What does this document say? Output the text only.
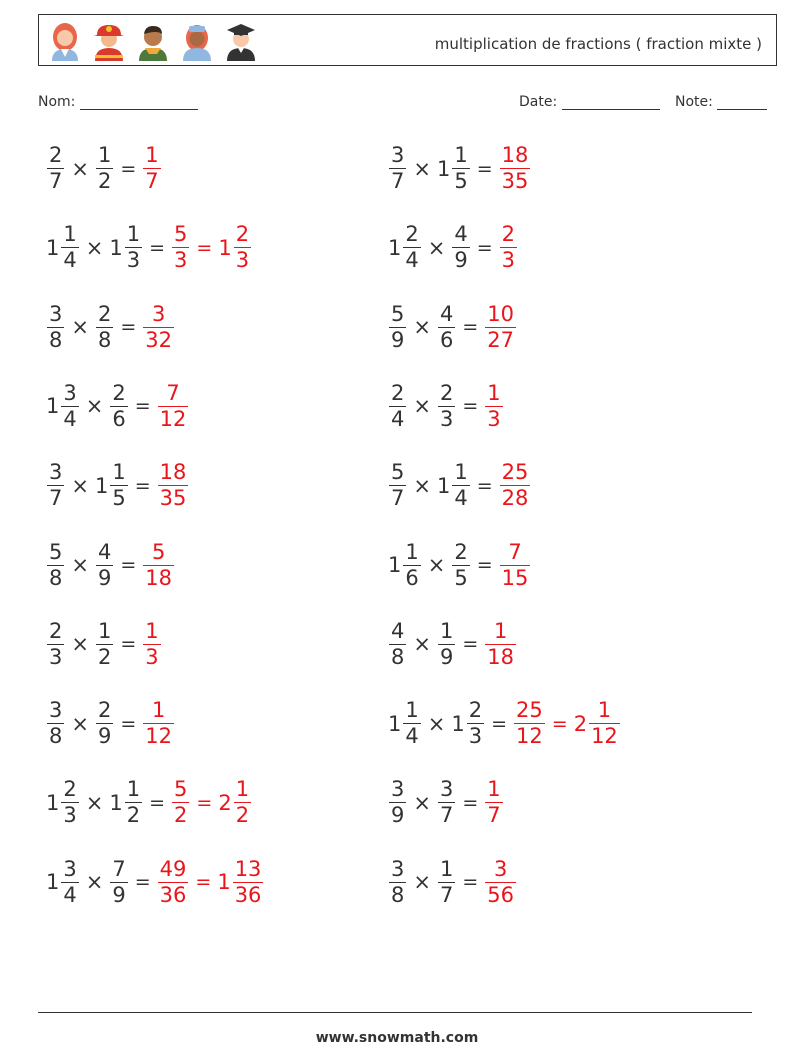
multiplication de fractions ( fraction mixte )
Nom:	Date:	Note:
$\frac{2}{7} \times \frac{1}{2} = \frac{1}{7}$	$\frac{3}{7} \times 1 \frac{1}{5} = \frac{18}{35}$
$1 \frac{1}{4} \times 1 \frac{1}{3} = \frac{5}{3} = 1 \frac{2}{3}$	$1 \frac{2}{4} \times \frac{4}{9} = \frac{2}{3}$
$\frac{3}{8} \times \frac{2}{8} = \frac{3}{32}$	$\frac{5}{9} \times \frac{4}{6} = \frac{10}{27}$
$1 \frac{3}{4} \times \frac{2}{6} = \frac{7}{12}$	$\frac{2}{4} \times \frac{2}{3} = \frac{1}{3}$
$\frac{3}{7} \times 1 \frac{1}{5} = \frac{18}{35}$	$\frac{5}{7} \times 1 \frac{1}{4} = \frac{25}{28}$
$\frac{5}{8} \times \frac{4}{9} = \frac{5}{18}$	$1 \frac{1}{6} \times \frac{2}{5} = \frac{7}{15}$
$\frac{2}{3} \times \frac{1}{2} = \frac{1}{3}$	$\frac{4}{8} \times \frac{1}{9} = \frac{1}{18}$
$\frac{3}{8} \times \frac{2}{9} = \frac{1}{12}$	$1 \frac{1}{4} \times 1 \frac{2}{3} = \frac{25}{12} = 2 \frac{1}{12}$
$1 \frac{2}{3} \times 1 \frac{1}{2} = \frac{5}{2} = 2 \frac{1}{2}$	$\frac{3}{9} \times \frac{3}{7} = \frac{1}{7}$
$1 \frac{3}{4} \times \frac{7}{9} = \frac{49}{36} = 1 \frac{13}{36}$	$\frac{3}{8} \times \frac{1}{7} = \frac{3}{56}$
www.snowmath.com
